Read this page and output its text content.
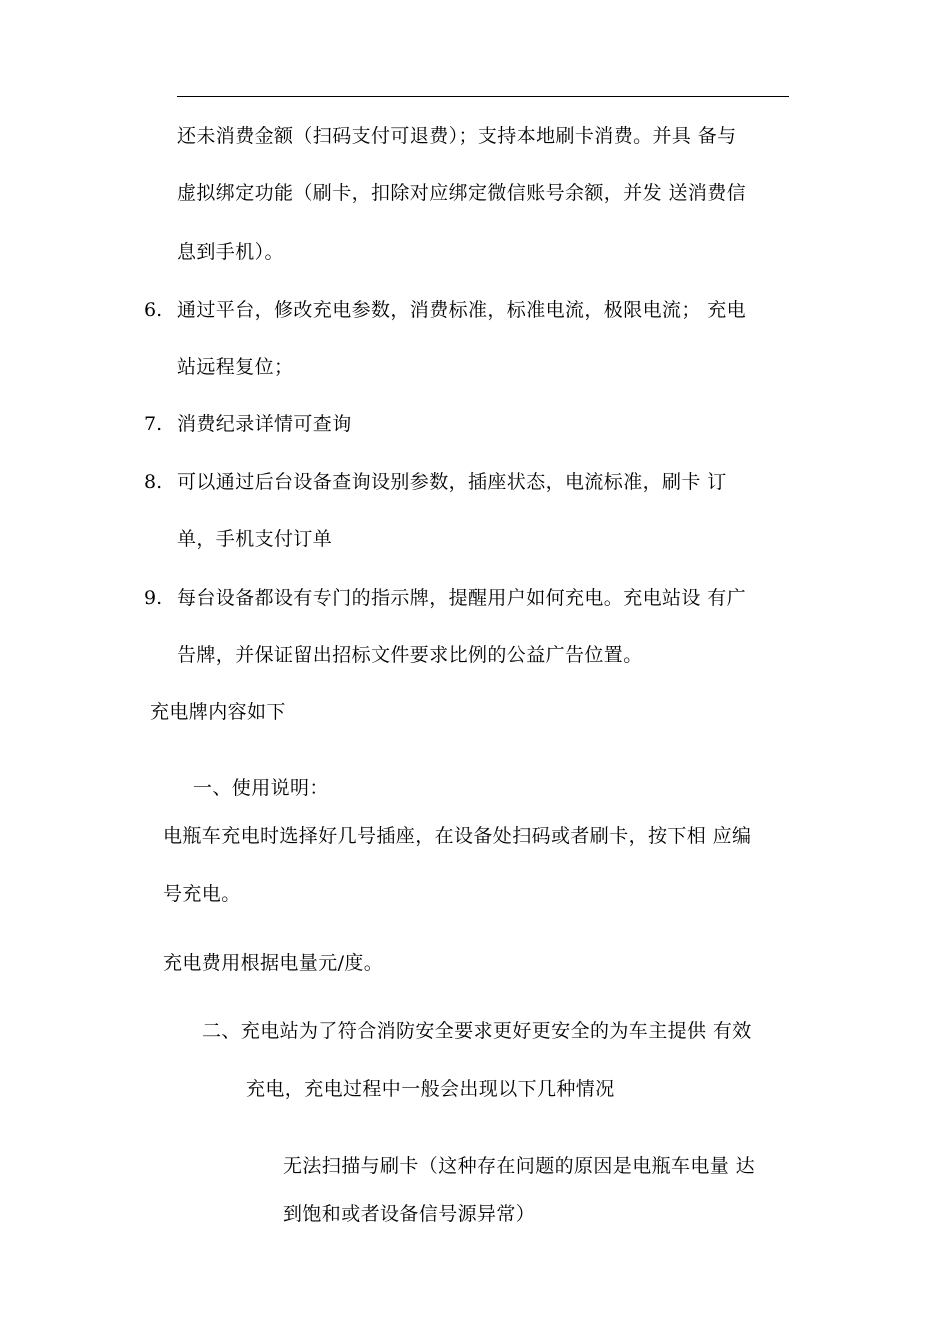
还未消费金额（扫码支付可退费）；支持本地刷卡消费。并具 备与
虚拟绑定功能（刷卡，扣除对应绑定微信账号余额，并发 送消费信
息到手机）。
6. 通过平台，修改充电参数，消费标准，标准电流，极限电流； 充电
站远程复位；
7. 消费纪录详情可查询
8. 可以通过后台设备查询设别参数，插座状态，电流标准，刷卡 订
单，手机支付订单
9. 每台设备都设有专门的指示牌，提醒用户如何充电。充电站设 有广
告牌，并保证留出招标文件要求比例的公益广告位置。
充电牌内容如下
一、使用说明：
电瓶车充电时选择好几号插座，在设备处扫码或者刷卡，按下相 应编
号充电。
充电费用根据电量元/度。
二、充电站为了符合消防安全要求更好更安全的为车主提供 有效
充电，充电过程中一般会出现以下几种情况
无法扫描与刷卡（这种存在问题的原因是电瓶车电量 达
到饱和或者设备信号源异常）
